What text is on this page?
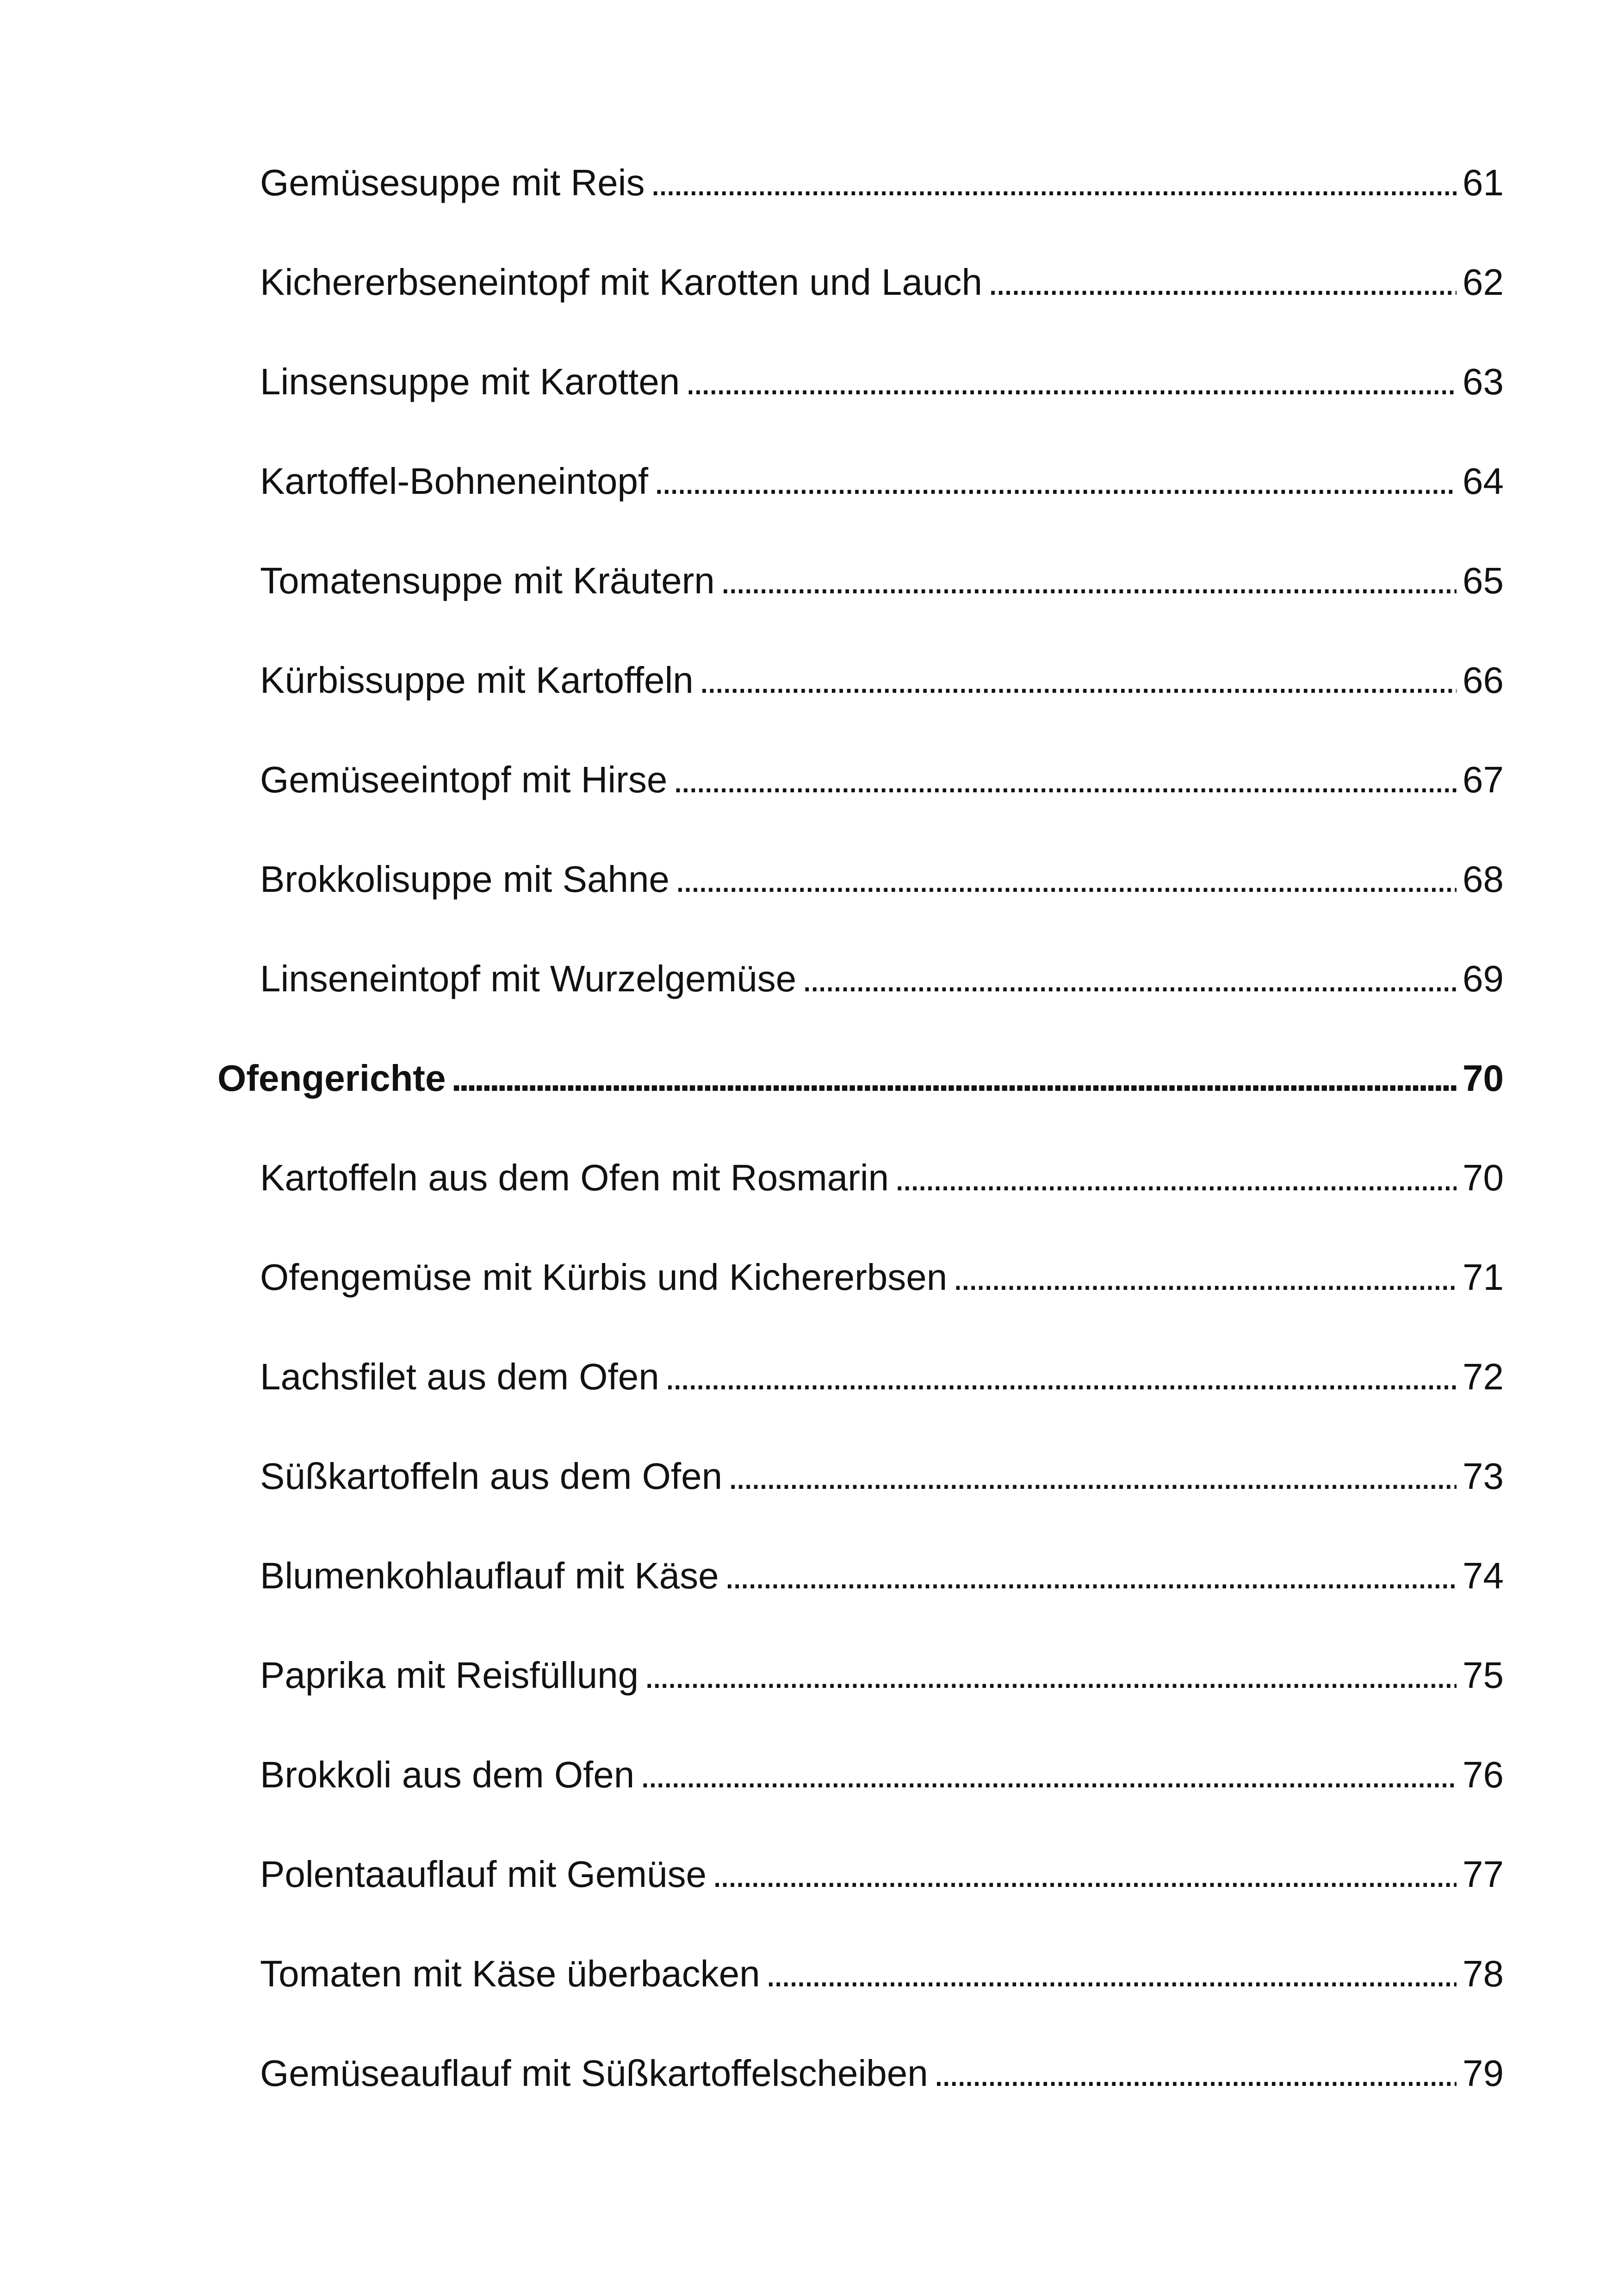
Gemüsesuppe mit Reis . . .	61
Kichererbseneintopf mit Karotten und Lauch . . .	62
Linsensuppe mit Karotten . . .	63
Kartoffel-Bohneneintopf . . .	64
Tomatensuppe mit Kräutern . . .	65
Kürbissuppe mit Kartoffeln . . .	66
Gemüseeintopf mit Hirse . . .	67
Brokkolisuppe mit Sahne . . .	68
Linseneintopf mit Wurzelgemüse . . .	69
Ofengerichte . . .	70
Kartoffeln aus dem Ofen mit Rosmarin . . .	70
Ofengemüse mit Kürbis und Kichererbsen . . .	71
Lachsfilet aus dem Ofen . . .	72
Süßkartoffeln aus dem Ofen . . .	73
Blumenkohlauflauf mit Käse . . .	74
Paprika mit Reisfüllung . . .	75
Brokkoli aus dem Ofen . . .	76
Polentaauflauf mit Gemüse . . .	77
Tomaten mit Käse überbacken . . .	78
Gemüseauflauf mit Süßkartoffelscheiben . . .	79
